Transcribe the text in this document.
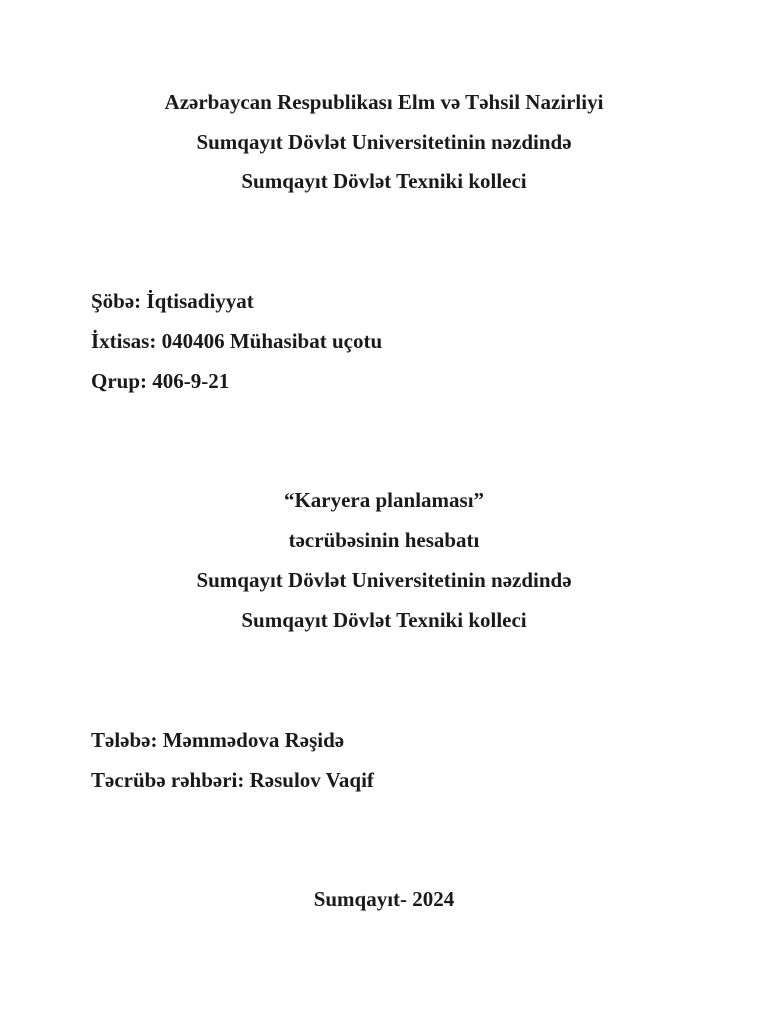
Azərbaycan Respublikası Elm və Təhsil Nazirliyi
Sumqayıt Dövlət Universitetinin nəzdində
Sumqayıt Dövlət Texniki kolleci
Şöbə: İqtisadiyyat
İxtisas: 040406 Mühasibat uçotu
Qrup: 406-9-21
“Karyera planlaması”
təcrübəsinin hesabatı
Sumqayıt Dövlət Universitetinin nəzdində
Sumqayıt Dövlət Texniki kolleci
Tələbə: Məmmədova Rəşidə
Təcrübə rəhbəri: Rəsulov Vaqif
Sumqayıt- 2024
